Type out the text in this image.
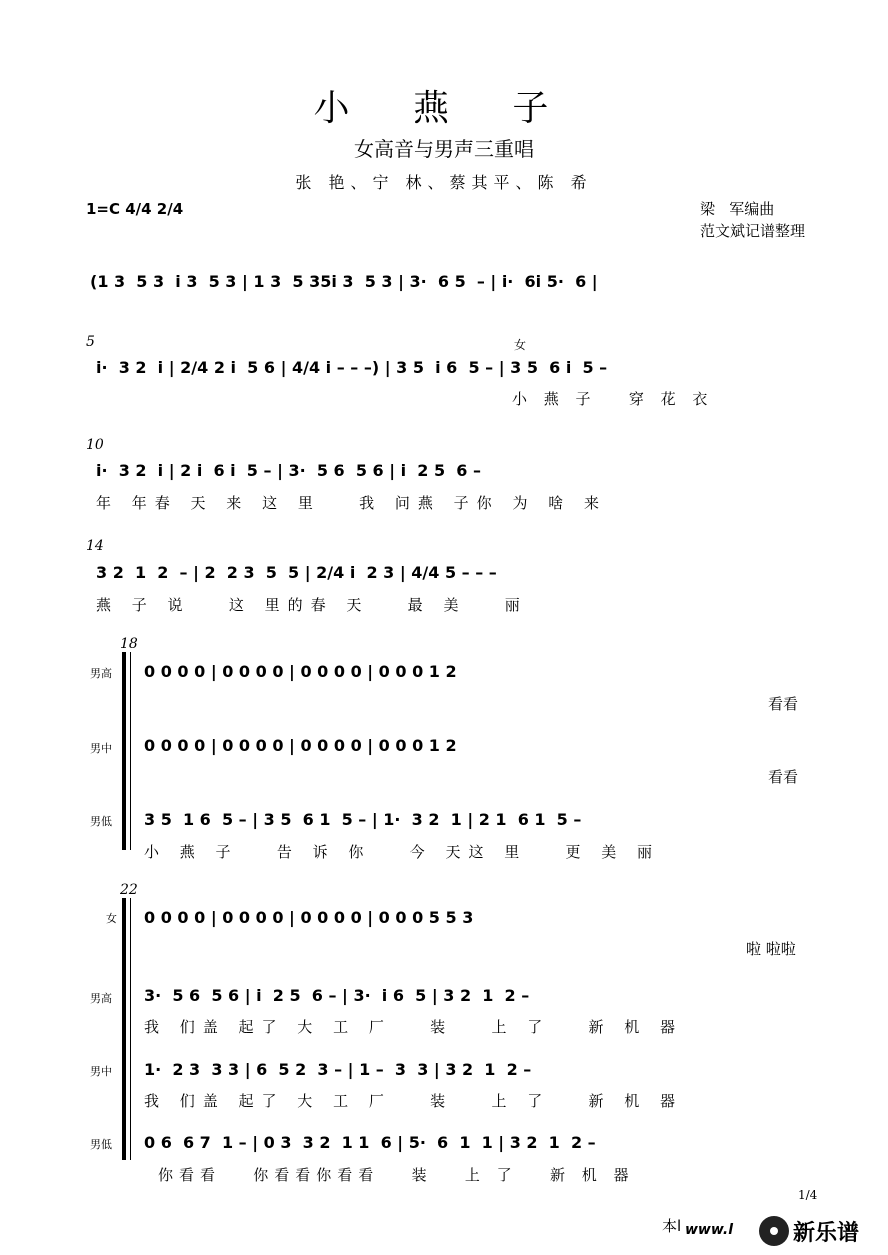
小 燕 子
女高音与男声三重唱
张 艳、宁 林、蔡其平、陈 希
1=C 4/4 2/4	梁   军编曲
范文斌记谱整理
(1 3  5 3  i 3  5 3 | 1 3  5 35i 3  5 3 | 3·  6 5  – | i·  6i 5·  6 |
5	女
i·  3 2  i | 2/4 2 i  5 6 | 4/4 i – – –) | 3 5  i 6  5 – | 3 5  6 i  5 –
小 燕 子   穿 花 衣
10
i·  3 2  i | 2 i  6 i  5 – | 3·  5 6  5 6 | i  2 5  6 –
年 年春 天 来 这 里   我 问燕 子你 为 啥 来
14
3 2  1  2  – | 2  2 3  5  5 | 2/4 i  2 3 | 4/4 5 – – –
燕 子 说   这 里的春 天   最 美   丽
18
男高 0 0 0 0 | 0 0 0 0 | 0 0 0 0 | 0 0 0 1 2
看看
男中 0 0 0 0 | 0 0 0 0 | 0 0 0 0 | 0 0 0 1 2
看看
男低 3 5  1 6  5 – | 3 5  6 1  5 – | 1·  3 2  1 | 2 1  6 1  5 –
小 燕 子   告 诉 你   今 天这 里   更 美 丽
22
女 0 0 0 0 | 0 0 0 0 | 0 0 0 0 | 0 0 0 5 5 3
啦 啦啦
男高 3·  5 6  5 6 | i  2 5  6 – | 3·  i 6  5 | 3 2  1  2 –
我 们盖 起了 大 工 厂   装   上 了   新 机 器
男中 1·  2 3  3 3 | 6  5 2  3 – | 1 –  3  3 | 3 2  1  2 –
我 们盖 起了 大 工 厂   装   上 了   新 机 器
男低 0 6  6 7  1 – | 0 3  3 2  1 1  6 | 5·  6  1  1 | 3 2  1  2 –
你看看   你看看你看看   装   上 了   新 机 器
1/4
本l www.l	新乐谱
